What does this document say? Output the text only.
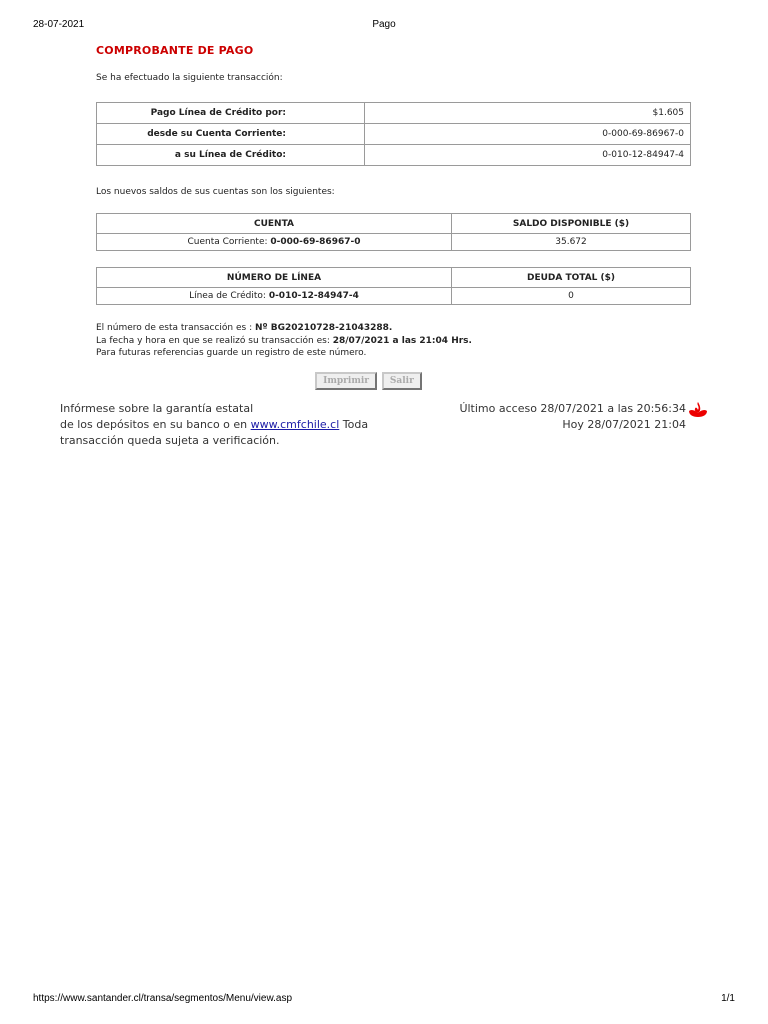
28-07-2021	Pago
COMPROBANTE DE PAGO
Se ha efectuado la siguiente transacción:
Pago Línea de Crédito por:	$1.605
desde su Cuenta Corriente:	0-000-69-86967-0
a su Línea de Crédito:	0-010-12-84947-4
Los nuevos saldos de sus cuentas son los siguientes:
CUENTA	SALDO DISPONIBLE ($)
Cuenta Corriente: 0-000-69-86967-0	35.672
NÚMERO DE LÍNEA	DEUDA TOTAL ($)
Línea de Crédito: 0-010-12-84947-4	0
El número de esta transacción es : Nº BG20210728-21043288.
La fecha y hora en que se realizó su transacción es: 28/07/2021 a las 21:04 Hrs.
Para futuras referencias guarde un registro de este número.
Imprimir Salir
Infórmese sobre la garantía estatal
de los depósitos en su banco o en www.cmfchile.cl Toda
transacción queda sujeta a verificación.
Último acceso 28/07/2021 a las 20:56:34
Hoy 28/07/2021 21:04
https://www.santander.cl/transa/segmentos/Menu/view.asp	1/1
